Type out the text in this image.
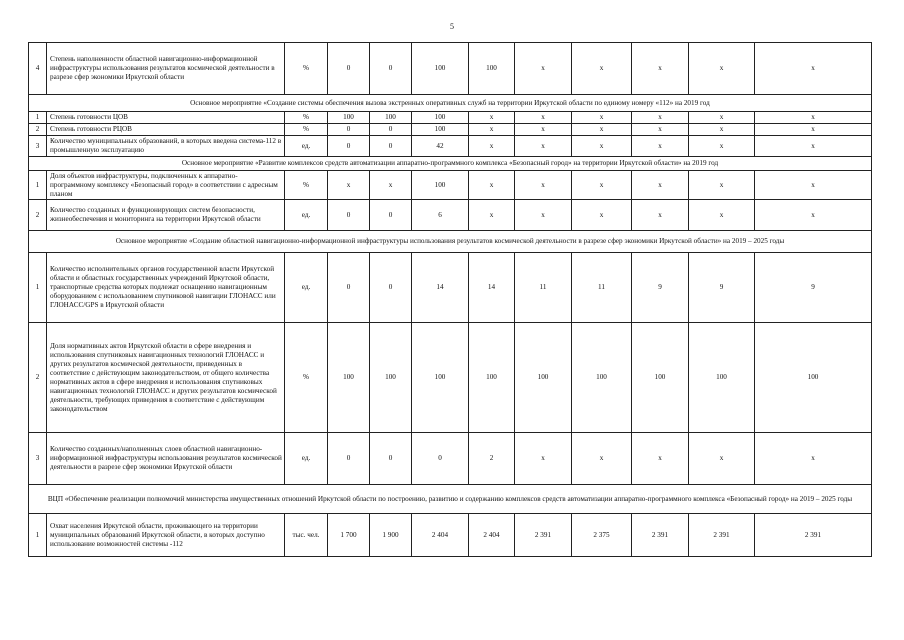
5
4	Степень наполненности областной навигационно-информационной инфраструктуры использования результатов космической деятельности в разрезе сфер экономики Иркутской области	%	0	0	100	100	х	х	х	х	х
Основное мероприятие «Создание системы обеспечения вызова экстренных оперативных служб на территории Иркутской области по единому номеру «112» на 2019 год											
1	Степень готовности ЦОВ	%	100	100	100	х	х	х	х	х	х
2	Степень готовности РЦОВ	%	0	0	100	х	х	х	х	х	х
3	Количество муниципальных образований, в которых введена система-112 в промышленную эксплуатацию	ед.	0	0	42	х	х	х	х	х	х
Основное мероприятие «Развитие комплексов средств автоматизации аппаратно-программного комплекса «Безопасный город» на территории Иркутской области» на 2019 год											
1	Доля объектов инфраструктуры, подключенных к аппаратно-программному комплексу «Безопасный город» в соответствии с адресным планом	%	х	х	100	х	х	х	х	х	х
2	Количество созданных и функционирующих систем безопасности, жизнеобеспечения и мониторинга на территории Иркутской области	ед.	0	0	6	х	х	х	х	х	х
Основное мероприятие «Создание областной навигационно-информационной инфраструктуры использования результатов космической деятельности в разрезе сфер экономики Иркутской области» на 2019 – 2025 годы											
1	Количество исполнительных органов государственной власти Иркутской области и областных государственных учреждений Иркутской области, транспортные средства которых подлежат оснащению навигационным оборудованием с использованием спутниковой навигации ГЛОНАСС или ГЛОНАСС/GPS в Иркутской области	ед.	0	0	14	14	11	11	9	9	9
2	Доля нормативных актов Иркутской области в сфере внедрения и использования спутниковых навигационных технологий ГЛОНАСС и других результатов космической деятельности, приведенных в соответствие с действующим законодательством, от общего количества нормативных актов в сфере внедрения и использования спутниковых навигационных технологий ГЛОНАСС и других результатов космической деятельности, требующих приведения в соответствие с действующим законодательством	%	100	100	100	100	100	100	100	100	100
3	Количество созданных/наполненных слоев областной навигационно-информационной инфраструктуры использования результатов космической деятельности в разрезе сфер экономики Иркутской области	ед.	0	0	0	2	х	х	х	х	х
ВЦП «Обеспечение реализации полномочий министерства имущественных отношений Иркутской области по построению, развитию и содержанию комплексов средств автоматизации аппаратно-программного комплекса «Безопасный город» на 2019 – 2025 годы											
1	Охват населения Иркутской области, проживающего на территории муниципальных образований Иркутской области, в которых доступно использование возможностей системы -112	тыс. чел.	1 700	1 900	2 404	2 404	2 391	2 375	2 391	2 391	2 391
